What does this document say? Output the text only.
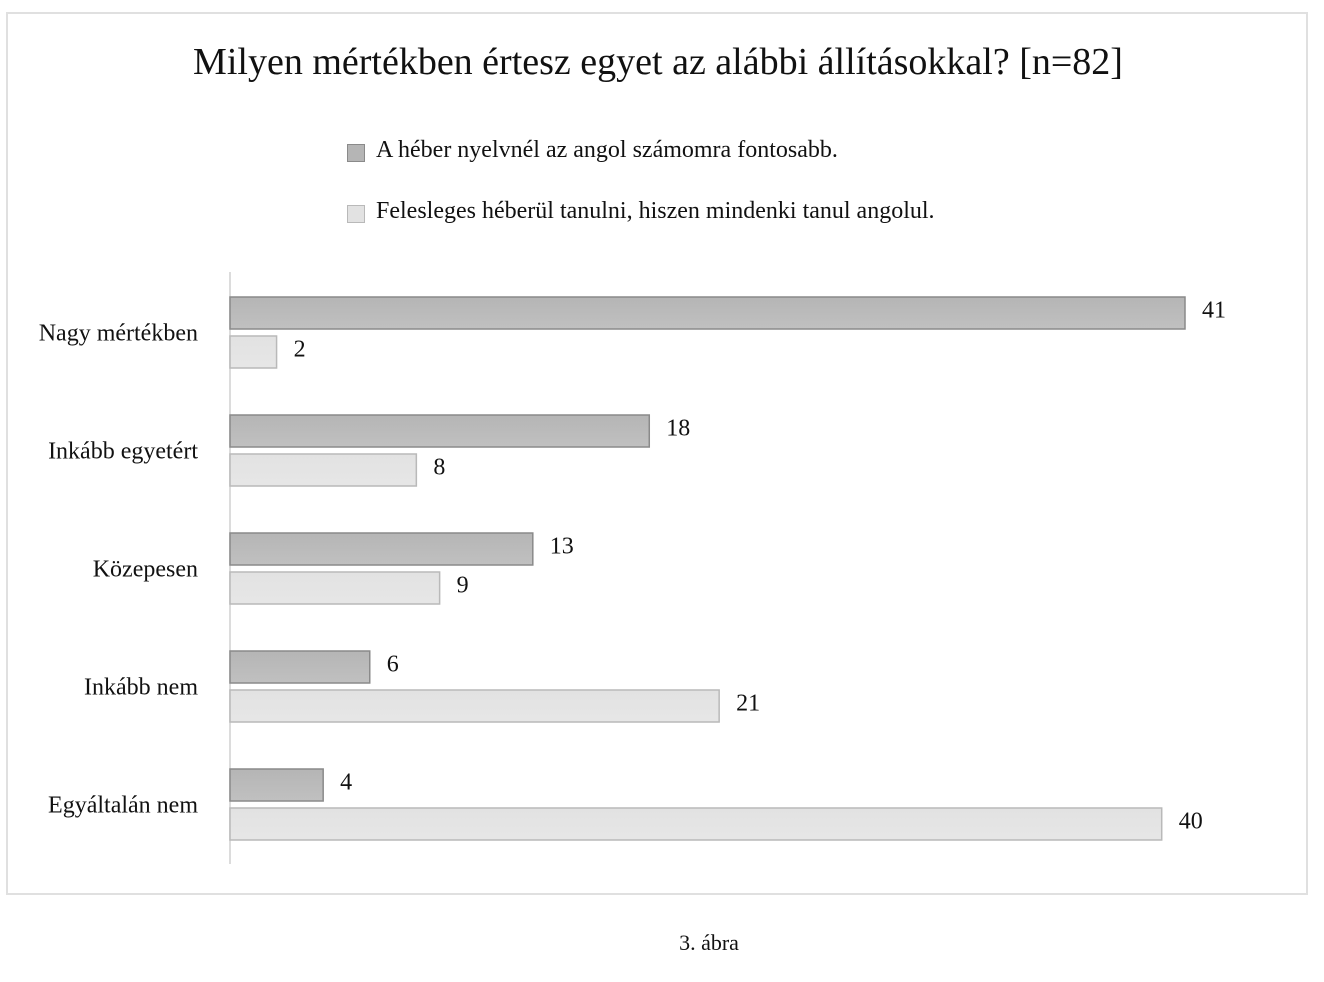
Milyen mértékben értesz egyet az alábbi állításokkal? [n=82]
A héber nyelvnél az angol számomra fontosabb.
Felesleges héberül tanulni, hiszen mindenki tanul angolul.
Nagy mértékben
41
2
Inkább egyetért
18
8
Közepesen
13
9
Inkább nem
6
21
Egyáltalán nem
4
40
3. ábra
